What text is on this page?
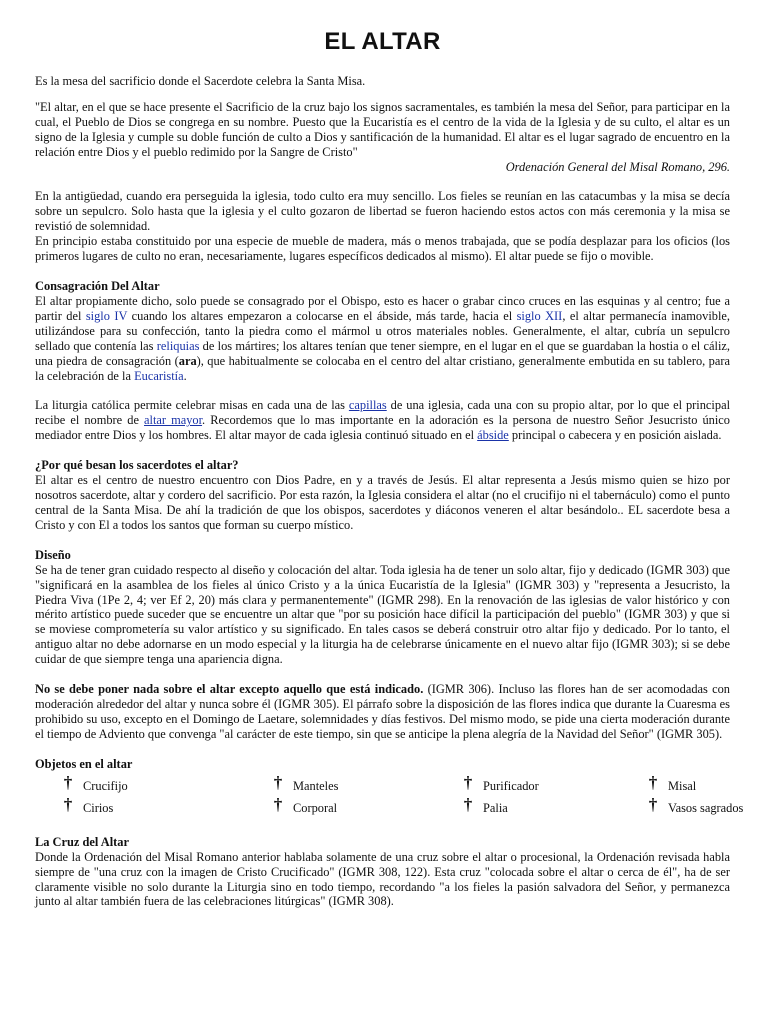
EL ALTAR

Es la mesa del sacrificio donde el Sacerdote celebra la Santa Misa.

"El altar, en el que se hace presente el Sacrificio de la cruz bajo los signos sacramentales, es también la mesa del Señor, para participar en la cual, el Pueblo de Dios se congrega en su nombre. Puesto que la Eucaristía es el centro de la vida de la Iglesia y de su culto, el altar es un signo de la Iglesia y cumple su doble función de culto a Dios y santificación de la humanidad. El altar es el lugar sagrado de encuentro en la relación entre Dios y el pueblo redimido por la Sangre de Cristo"

Ordenación General del Misal Romano, 296.

En la antigüedad, cuando era perseguida la iglesia, todo culto era muy sencillo. Los fieles se reunían en las catacumbas y la misa se decía sobre un sepulcro. Solo hasta que la iglesia y el culto gozaron de libertad se fueron haciendo estos actos con más ceremonia y la misa se revistió de solemnidad.

En principio estaba constituido por una especie de mueble de madera, más o menos trabajada, que se podía desplazar para los oficios (los primeros lugares de culto no eran, necesariamente, lugares específicos dedicados al mismo). El altar puede se fijo o movible.

Consagración Del Altar

El altar propiamente dicho, solo puede se consagrado por el Obispo, esto es hacer o grabar cinco cruces en las esquinas y al centro; fue a partir del siglo IV cuando los altares empezaron a colocarse en el ábside, más tarde, hacia el siglo XII, el altar permanecía inamovible, utilizándose para su confección, tanto la piedra como el mármol u otros materiales nobles. Generalmente, el altar, cubría un sepulcro sellado que contenía las reliquias de los mártires; los altares tenían que tener siempre, en el lugar en el que se guardaban la hostia o el cáliz, una piedra de consagración (ara), que habitualmente se colocaba en el centro del altar cristiano, generalmente embutida en su tablero, para la celebración de la Eucaristía.

La liturgia católica permite celebrar misas en cada una de las capillas de una iglesia, cada una con su propio altar, por lo que el principal recibe el nombre de altar mayor. Recordemos que lo mas importante en la adoración es la persona de nuestro Señor Jesucristo único mediador entre Dios y los hombres. El altar mayor de cada iglesia continuó situado en el ábside principal o cabecera y en posición aislada.

¿Por qué besan los sacerdotes el altar?

El altar es el centro de nuestro encuentro con Dios Padre, en y a través de Jesús. El altar representa a Jesús mismo quien se hizo por nosotros sacerdote, altar y cordero del sacrificio. Por esta razón, la Iglesia considera el altar (no el crucifijo ni el tabernáculo) como el punto central de la Santa Misa. De ahí la tradición de que los obispos, sacerdotes y diáconos veneren el altar besándolo.. EL sacerdote besa a Cristo y con El a todos los santos que forman su cuerpo místico.

Diseño

Se ha de tener gran cuidado respecto al diseño y colocación del altar. Toda iglesia ha de tener un solo altar, fijo y dedicado (IGMR 303) que "significará en la asamblea de los fieles al único Cristo y a la única Eucaristía de la Iglesia" (IGMR 303) y "representa a Jesucristo, la Piedra Viva (1Pe 2, 4; ver Ef 2, 20) más clara y permanentemente" (IGMR 298). En la renovación de las iglesias de valor histórico y con mérito artístico puede suceder que se encuentre un altar que "por su posición hace difícil la participación del pueblo" (IGMR 303) y que si se moviese comprometería su valor artístico y su significado. En tales casos se deberá construir otro altar fijo y dedicado. Por lo tanto, el antiguo altar no debe adornarse en un modo especial y la liturgia ha de celebrarse únicamente en el nuevo altar fijo (IGMR 303); si se debe cuidar de que siempre tenga una apariencia digna.

No se debe poner nada sobre el altar excepto aquello que está indicado. (IGMR 306). Incluso las flores han de ser acomodadas con moderación alrededor del altar y nunca sobre él (IGMR 305). El párrafo sobre la disposición de las flores indica que durante la Cuaresma es prohibido su uso, excepto en el Domingo de Laetare, solemnidades y días festivos. Del mismo modo, se pide una cierta moderación durante el tiempo de Adviento que convenga "al carácter de este tiempo, sin que se anticipe la plena alegría de la Navidad del Señor" (IGMR 305).

Objetos en el altar
† Crucifijo	† Manteles	† Purificador	† Misal
† Cirios	† Corporal	† Palia	† Vasos sagrados
La Cruz del Altar

Donde la Ordenación del Misal Romano anterior hablaba solamente de una cruz sobre el altar o procesional, la Ordenación revisada habla siempre de "una cruz con la imagen de Cristo Crucificado" (IGMR 308, 122). Esta cruz "colocada sobre el altar o cerca de él", ha de ser claramente visible no solo durante la Liturgia sino en todo tiempo, recordando "a los fieles la pasión salvadora del Señor, y permanezca junto al altar también fuera de las celebraciones litúrgicas" (IGMR 308).
